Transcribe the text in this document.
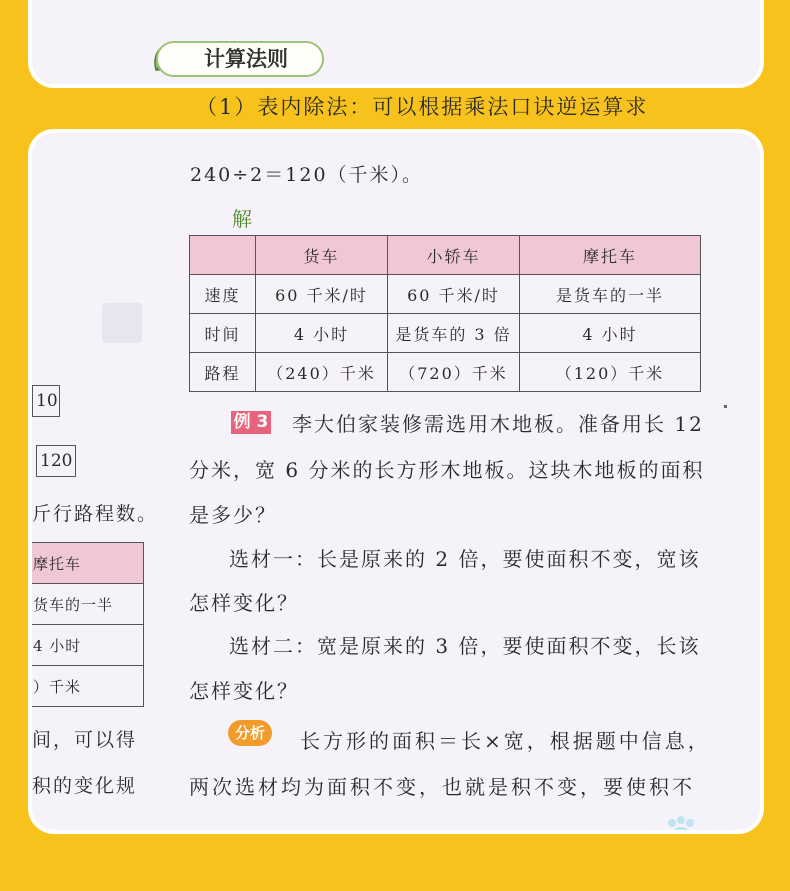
计算法则
（1）表内除法：可以根据乘法口诀逆运算求
10
120
斤行路程数。
摩托车
货车的一半
4 小时
）千米
间，可以得
积的变化规
240÷2＝120（千米）。
解
	货车	小轿车	摩托车
速度	60 千米/时	60 千米/时	是货车的一半
时间	4 小时	是货车的 3 倍	4 小时
路程	（240）千米	（720）千米	（120）千米
例 3 李大伯家装修需选用木地板。准备用长 12
分米，宽 6 分米的长方形木地板。这块木地板的面积
是多少？
选材一：长是原来的 2 倍，要使面积不变，宽该
怎样变化？
选材二：宽是原来的 3 倍，要使面积不变，长该
怎样变化？
分析	长方形的面积＝长×宽，根据题中信息，
两次选材均为面积不变，也就是积不变，要使积不
